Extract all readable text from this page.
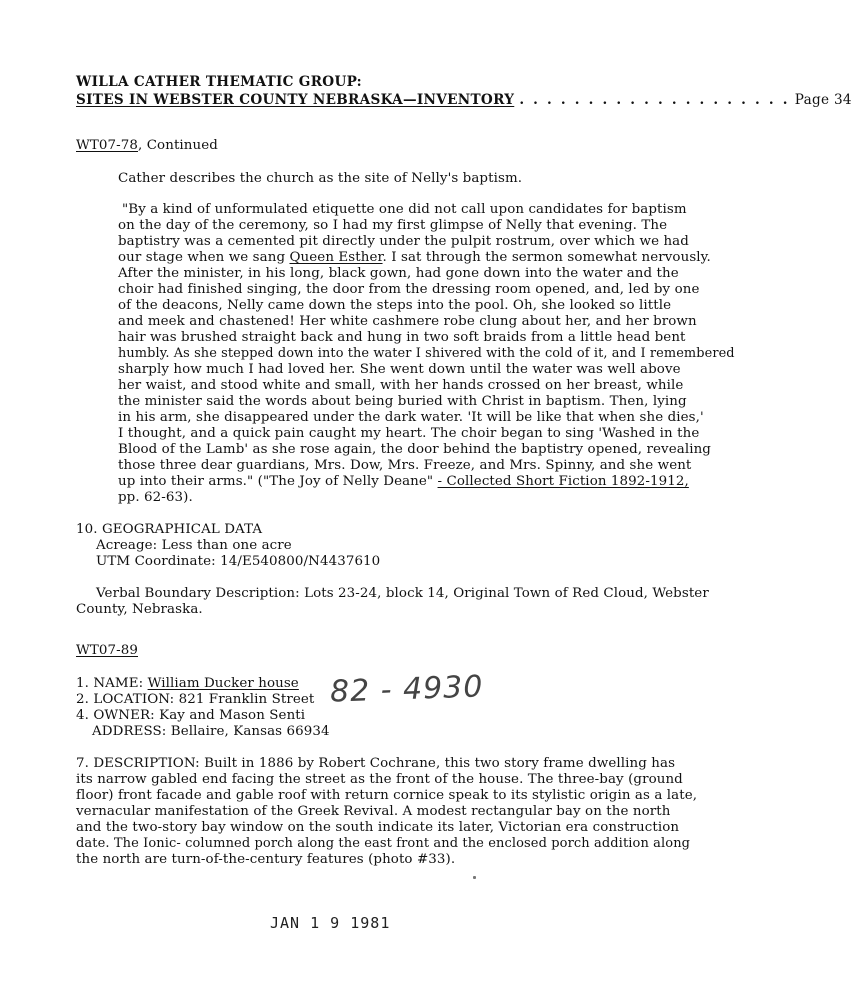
WILLA CATHER THEMATIC GROUP:
SITES IN WEBSTER COUNTY NEBRASKA—INVENTORY . . . . . . . . . . . . . . . . . . . . Page 34
WT07-78, Continued
Cather describes the church as the site of Nelly's baptism.
"By a kind of unformulated etiquette one did not call upon candidates for baptism
on the day of the ceremony, so I had my first glimpse of Nelly that evening. The
baptistry was a cemented pit directly under the pulpit rostrum, over which we had
our stage when we sang Queen Esther. I sat through the sermon somewhat nervously.
After the minister, in his long, black gown, had gone down into the water and the
choir had finished singing, the door from the dressing room opened, and, led by one
of the deacons, Nelly came down the steps into the pool. Oh, she looked so little
and meek and chastened! Her white cashmere robe clung about her, and her brown
hair was brushed straight back and hung in two soft braids from a little head bent
humbly. As she stepped down into the water I shivered with the cold of it, and I remembered
sharply how much I had loved her. She went down until the water was well above
her waist, and stood white and small, with her hands crossed on her breast, while
the minister said the words about being buried with Christ in baptism. Then, lying
in his arm, she disappeared under the dark water. 'It will be like that when she dies,'
I thought, and a quick pain caught my heart. The choir began to sing 'Washed in the
Blood of the Lamb' as she rose again, the door behind the baptistry opened, revealing
those three dear guardians, Mrs. Dow, Mrs. Freeze, and Mrs. Spinny, and she went
up into their arms." ("The Joy of Nelly Deane" - Collected Short Fiction 1892-1912,
pp. 62-63).
10. GEOGRAPHICAL DATA
Acreage: Less than one acre
UTM Coordinate: 14/E540800/N4437610
Verbal Boundary Description: Lots 23-24, block 14, Original Town of Red Cloud, Webster
County, Nebraska.
WT07-89
1. NAME: William Ducker house
2. LOCATION: 821 Franklin Street
4. OWNER: Kay and Mason Senti
ADDRESS: Bellaire, Kansas 66934
82 - 4930
7. DESCRIPTION: Built in 1886 by Robert Cochrane, this two story frame dwelling has
its narrow gabled end facing the street as the front of the house. The three-bay (ground
floor) front facade and gable roof with return cornice speak to its stylistic origin as a late,
vernacular manifestation of the Greek Revival. A modest rectangular bay on the north
and the two-story bay window on the south indicate its later, Victorian era construction
date. The Ionic- columned porch along the east front and the enclosed porch addition along
the north are turn-of-the-century features (photo #33).
JAN 1 9 1981
